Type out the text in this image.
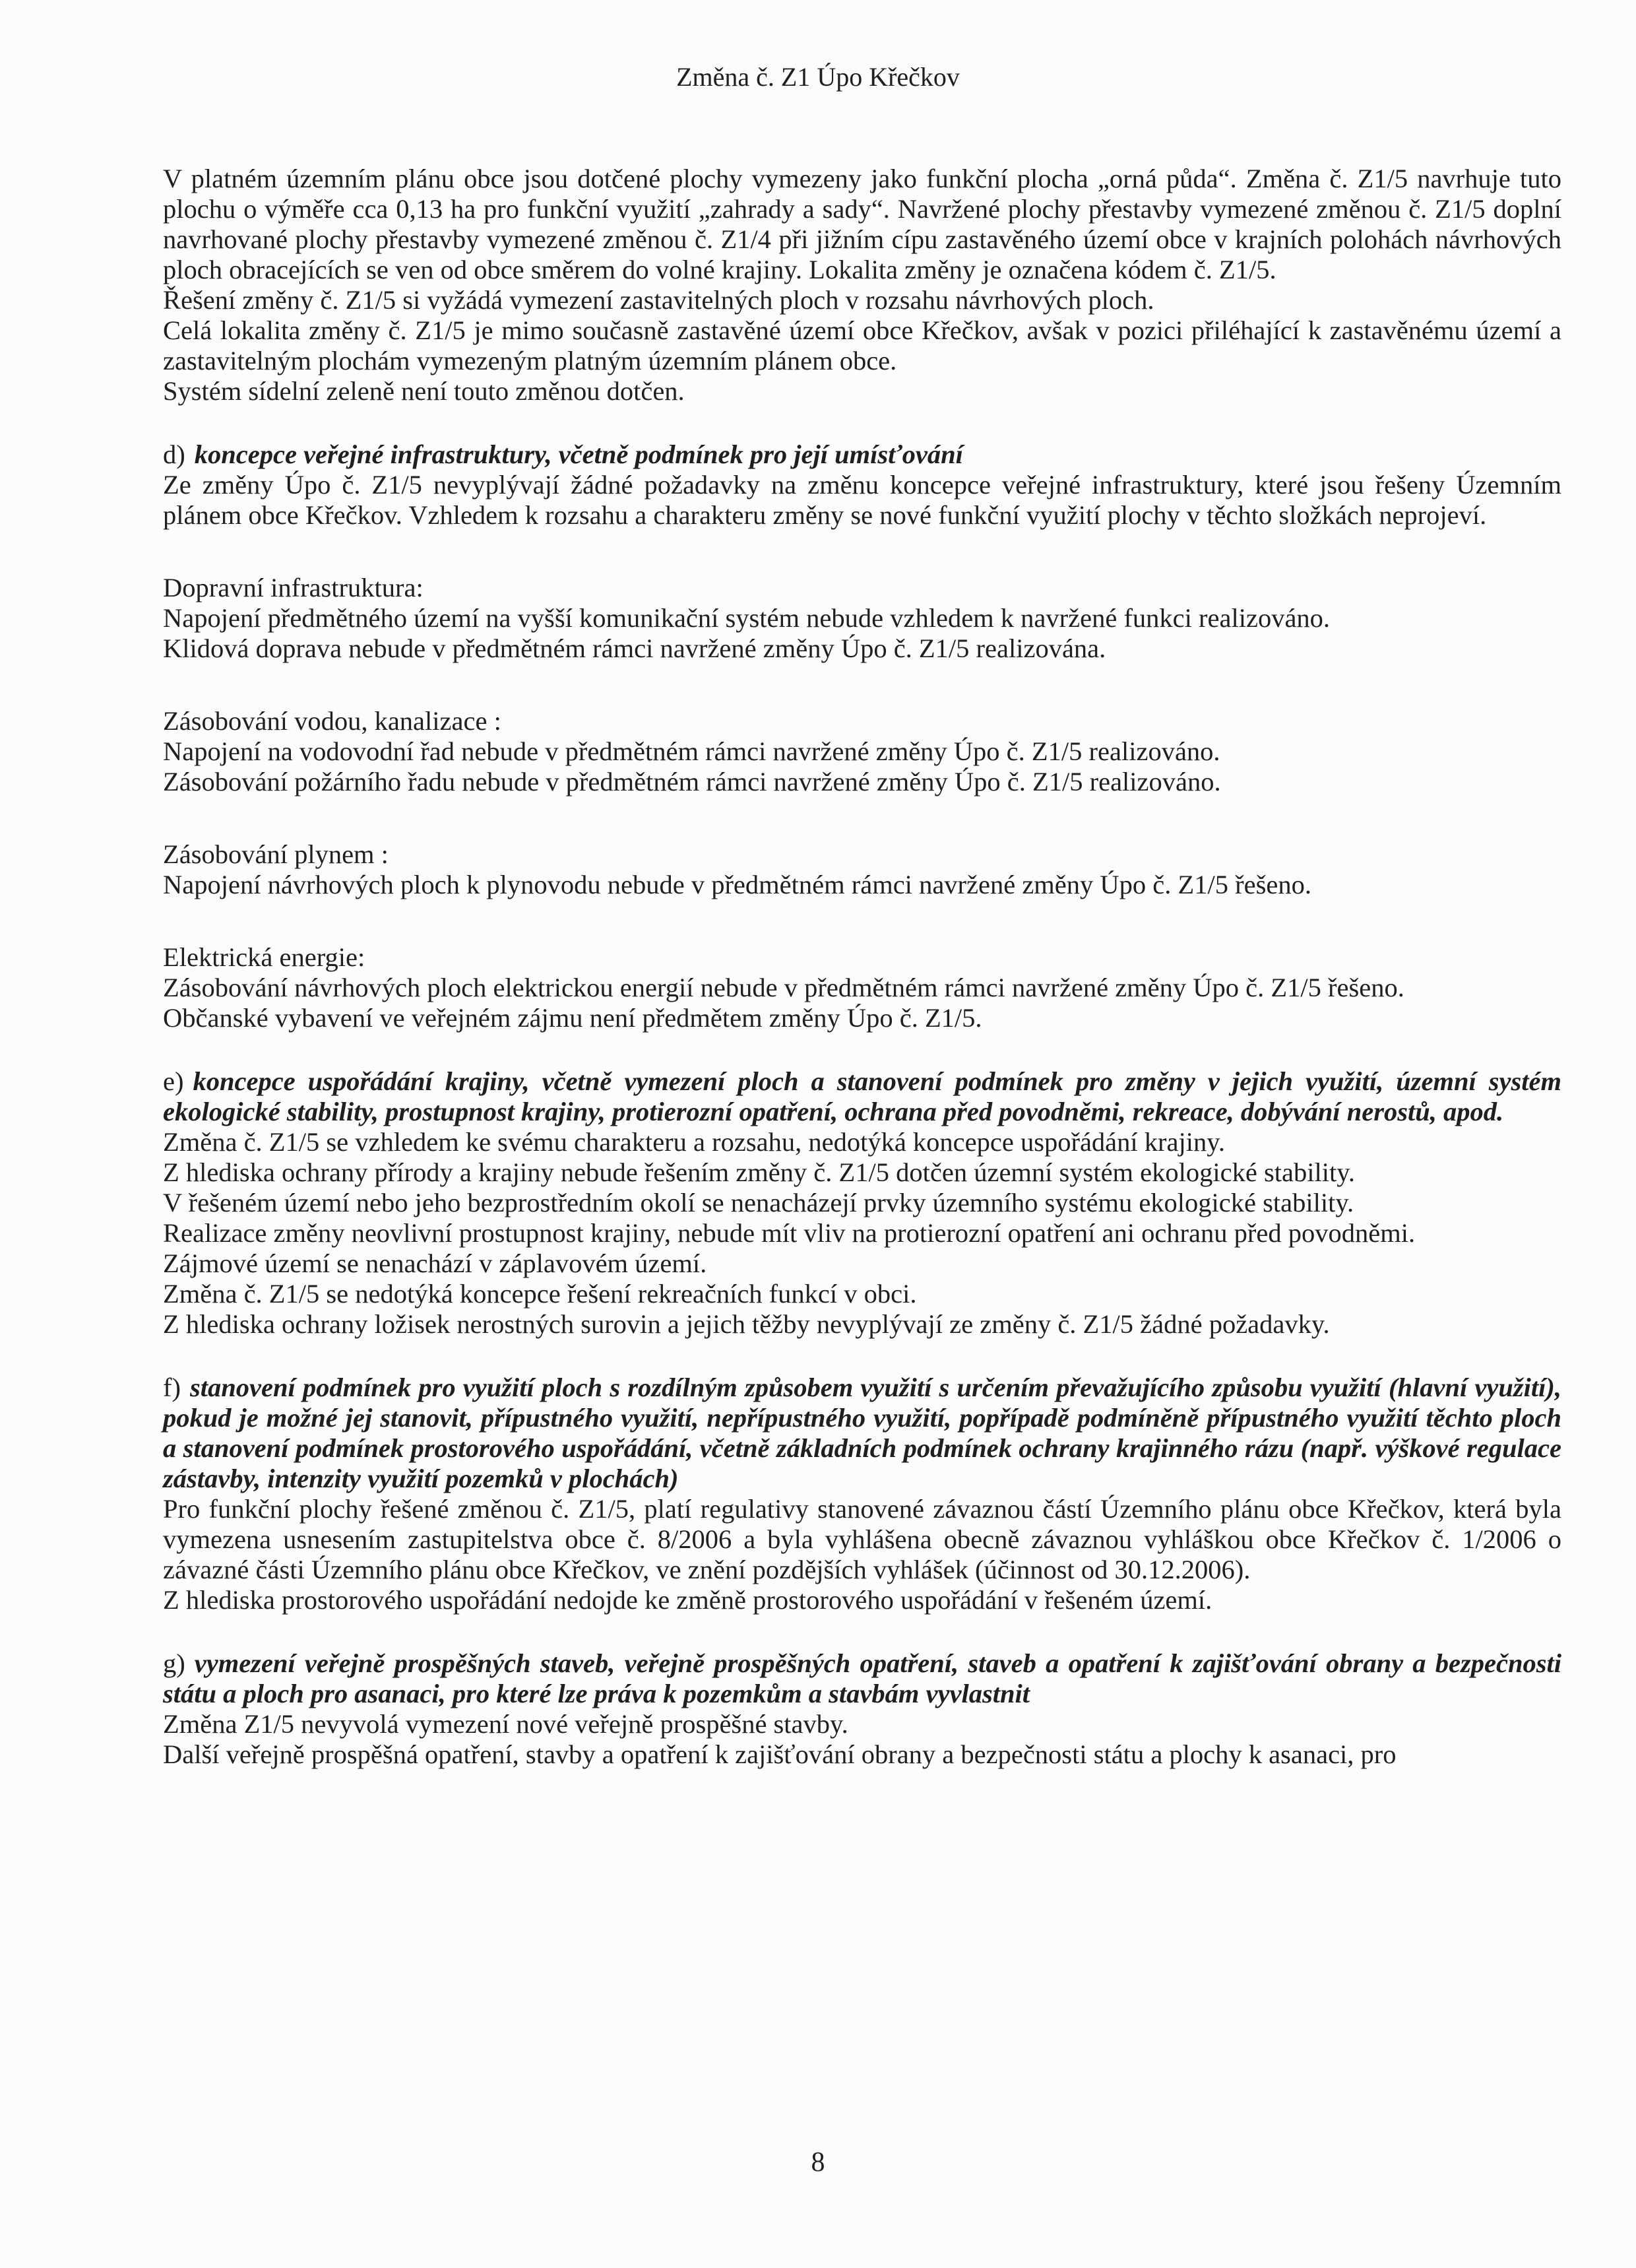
Změna č. Z1 Úpo Křečkov

V platném územním plánu obce jsou dotčené plochy vymezeny jako funkční plocha „orná půda“. Změna č. Z1/5 navrhuje tuto plochu o výměře cca 0,13 ha pro funkční využití „zahrady a sady“. Navržené plochy přestavby vymezené změnou č. Z1/5 doplní navrhované plochy přestavby vymezené změnou č. Z1/4 při jižním cípu zastavěného území obce v krajních polohách návrhových ploch obracejících se ven od obce směrem do volné krajiny. Lokalita změny je označena kódem č. Z1/5.

Řešení změny č. Z1/5 si vyžádá vymezení zastavitelných ploch v rozsahu návrhových ploch.

Celá lokalita změny č. Z1/5 je mimo současně zastavěné území obce Křečkov, avšak v pozici přiléhající k zastavěnému území a zastavitelným plochám vymezeným platným územním plánem obce.

Systém sídelní zeleně není touto změnou dotčen.

d) koncepce veřejné infrastruktury, včetně podmínek pro její umísťování

Ze změny Úpo č. Z1/5 nevyplývají žádné požadavky na změnu koncepce veřejné infrastruktury, které jsou řešeny Územním plánem obce Křečkov. Vzhledem k rozsahu a charakteru změny se nové funkční využití plochy v těchto složkách neprojeví.

Dopravní infrastruktura:

Napojení předmětného území na vyšší komunikační systém nebude vzhledem k navržené funkci realizováno.

Klidová doprava nebude v předmětném rámci navržené změny Úpo č. Z1/5 realizována.

Zásobování vodou, kanalizace :

Napojení na vodovodní řad nebude v předmětném rámci navržené změny Úpo č. Z1/5 realizováno.

Zásobování požárního řadu nebude v předmětném rámci navržené změny Úpo č. Z1/5 realizováno.

Zásobování plynem :

Napojení návrhových ploch k plynovodu nebude v předmětném rámci navržené změny Úpo č. Z1/5 řešeno.

Elektrická energie:

Zásobování návrhových ploch elektrickou energií nebude v předmětném rámci navržené změny Úpo č. Z1/5 řešeno.

Občanské vybavení ve veřejném zájmu není předmětem změny Úpo č. Z1/5.

e) koncepce uspořádání krajiny, včetně vymezení ploch a stanovení podmínek pro změny v jejich využití, územní systém ekologické stability, prostupnost krajiny, protierozní opatření, ochrana před povodněmi, rekreace, dobývání nerostů, apod.

Změna č. Z1/5 se vzhledem ke svému charakteru a rozsahu, nedotýká koncepce uspořádání krajiny.

Z hlediska ochrany přírody a krajiny nebude řešením změny č. Z1/5 dotčen územní systém ekologické stability.

V řešeném území nebo jeho bezprostředním okolí se nenacházejí prvky územního systému ekologické stability.

Realizace změny neovlivní prostupnost krajiny, nebude mít vliv na protierozní opatření ani ochranu před povodněmi.

Zájmové území se nenachází v záplavovém území.

Změna č. Z1/5 se nedotýká koncepce řešení rekreačních funkcí v obci.

Z hlediska ochrany ložisek nerostných surovin a jejich těžby nevyplývají ze změny č. Z1/5 žádné požadavky.

f) stanovení podmínek pro využití ploch s rozdílným způsobem využití s určením převažujícího způsobu využití (hlavní využití), pokud je možné jej stanovit, přípustného využití, nepřípustného využití, popřípadě podmíněně přípustného využití těchto ploch a stanovení podmínek prostorového uspořádání, včetně základních podmínek ochrany krajinného rázu (např. výškové regulace zástavby, intenzity využití pozemků v plochách)

Pro funkční plochy řešené změnou č. Z1/5, platí regulativy stanovené závaznou částí Územního plánu obce Křečkov, která byla vymezena usnesením zastupitelstva obce č. 8/2006 a byla vyhlášena obecně závaznou vyhláškou obce Křečkov č. 1/2006 o závazné části Územního plánu obce Křečkov, ve znění pozdějších vyhlášek (účinnost od 30.12.2006).

Z hlediska prostorového uspořádání nedojde ke změně prostorového uspořádání v řešeném území.

g) vymezení veřejně prospěšných staveb, veřejně prospěšných opatření, staveb a opatření k zajišťování obrany a bezpečnosti státu a ploch pro asanaci, pro které lze práva k pozemkům a stavbám vyvlastnit

Změna Z1/5 nevyvolá vymezení nové veřejně prospěšné stavby.

Další veřejně prospěšná opatření, stavby a opatření k zajišťování obrany a bezpečnosti státu a plochy k asanaci, pro

8
